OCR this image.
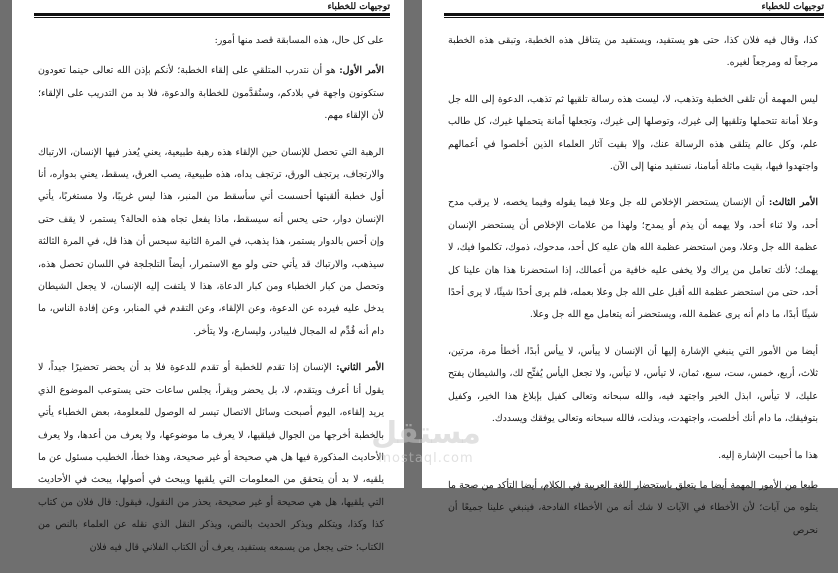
توجيهات للخطباء

على كل حال، هذه المسابقة قصد منها أمور:

الأمر الأول: هو أن نتدرب المتلقي على إلقاء الخطبة؛ لأنكم بإذن الله تعالى حينما تعودون ستكونون واجهة في بلادكم، وستُقدَّمون للخطابة والدعوة، فلا بد من التدريب على الإلقاء؛ لأن الإلقاء مهم.

الرهبة التي تحصل للإنسان حين الإلقاء هذه رهبة طبيعية، يعني يُعذر فيها الإنسان، الارتباك والارتجاف، يرتجف الورق، ترتجف يداه، هذه طبيعية، يصب العرق، يسقط، يعني بدواره، أنا أول خطبة ألقيتها أحسست أني سأسقط من المنبر، هذا ليس غريبًا، ولا مستغربًا، يأتي الإنسان دوار، حتى يحس أنه سيسقط، ماذا يفعل تجاه هذه الحالة؟ يستمر، لا يقف حتى وإن أحس بالدوار يستمر، هذا يذهب، في المرة الثانية سيحس أن هذا قل، في المرة الثالثة سيذهب، والارتباك قد يأتي حتى ولو مع الاستمرار، أيضاً التلجلجة في اللسان تحصل هذه، وتحصل من كبار الخطباء ومن كبار الدعاة، هذا لا يلتفت إليه الإنسان، لا يجعل الشيطان يدخل عليه فيرده عن الدعوة، وعن الإلقاء، وعن التقدم في المنابر، وعن إفادة الناس، ما دام أنه قُدِّم له المجال فليبادر، وليسارع، ولا يتأخر.

الأمر الثاني: الإنسان إذا تقدم للخطبة أو تقدم للدعوة فلا بد أن يحضر تحضيرًا جيداً، لا يقول أنا أعرف ويتقدم، لا، بل يحضر ويقرأ، يجلس ساعات حتى يستوعب الموضوع الذي يريد إلقاءه، اليوم أصبحت وسائل الاتصال تيسر له الوصول للمعلومة، بعض الخطباء يأتي بالخطبة أخرجها من الجوال فيلقيها، لا يعرف ما موضوعها، ولا يعرف من أعدها، ولا يعرف الأحاديث المذكورة فيها هل هي صحيحة أو غير صحيحة، وهذا خطأ، الخطيب مسئول عن ما يلقيه، لا بد أن يتحقق من المعلومات التي يلقيها ويبحث في أصولها، يبحث في الأحاديث التي يلقيها، هل هي صحيحة أو غير صحيحة، يحذر من النقول، فيقول: قال فلان من كتاب كذا وكذا، ويتكلم ويذكر الحديث بالنص، ويذكر النقل الذي نقله عن العلماء بالنص من الكتاب؛ حتى يجعل من يسمعه يستفيد، يعرف أن الكتاب الفلاني قال فيه فلان

توجيهات للخطباء

كذا، وقال فيه فلان كذا، حتى هو يستفيد، ويستفيد من يتناقل هذه الخطبة، وتبقى هذه الخطبة مرجعاً له ومرجعاً لغيره.

ليس المهمة أن تلقى الخطبة وتذهب، لا، ليست هذه رسالة تلقيها ثم تذهب، الدعوة إلى الله جل وعلا أمانة تتحملها وتلقيها إلى غيرك، وتوصلها إلى غيرك، وتجعلها أمانة يتحملها غيرك، كل طالب علم، وكل عالم يتلقى هذه الرسالة عنك، وإلا بقيت آثار العلماء الذين أخلصوا في أعمالهم واجتهدوا فيها، بقيت ماثلة أمامنا، نستفيد منها إلى الآن.

الأمر الثالث: أن الإنسان يستحضر الإخلاص لله جل وعلا فيما يقوله وفيما يخصه، لا يرقب مدح أحد، ولا ثناء أحد، ولا يهمه أن يذم أو يمدح؛ ولهذا من علامات الإخلاص أن يستحضر الإنسان عظمة الله جل وعلا، ومن استحضر عظمة الله هان عليه كل أحد، مدحوك، ذموك، تكلموا فيك، لا يهمك؛ لأنك تعامل من يراك ولا يخفى عليه خافية من أعمالك، إذا استحضرنا هذا هان علينا كل أحد، حتى من استحضر عظمة الله أقبل على الله جل وعلا بعمله، فلم يرى أحدًا شيئًا، لا يرى أحدًا شيئًا أبدًا، ما دام أنه يرى عظمة الله، ويستحضر أنه يتعامل مع الله جل وعلا.

أيضا من الأمور التي ينبغي الإشارة إليها أن الإنسان لا ييأس، لا ييأس أبدًا، أخطأ مرة، مرتين، ثلاث، أربع، خمس، ست، سبع، ثمان، لا تيأس، لا تيأس، ولا تجعل اليأس يُفتِّح لك، والشيطان يفتح عليك، لا تيأس، ابذل الخير واجتهد فيه، والله سبحانه وتعالى كفيل بإبلاغ هذا الخير، وكفيل بتوفيقك، ما دام أنك أخلصت، واجتهدت، وبذلت، فالله سبحانه وتعالى يوفقك ويسددك.

هذا ما أحببت الإشارة إليه.

طبعا من الأمور المهمة أيضا ما يتعلق باستحضار اللغة العربية في الكلام، أيضا التأكد من صحة ما يتلوه من آيات؛ لأن الأخطاء في الآيات لا شك أنه من الأخطاء الفادحة، فينبغي علينا جميعًا أن نحرص

مستقل
mostaql.com
